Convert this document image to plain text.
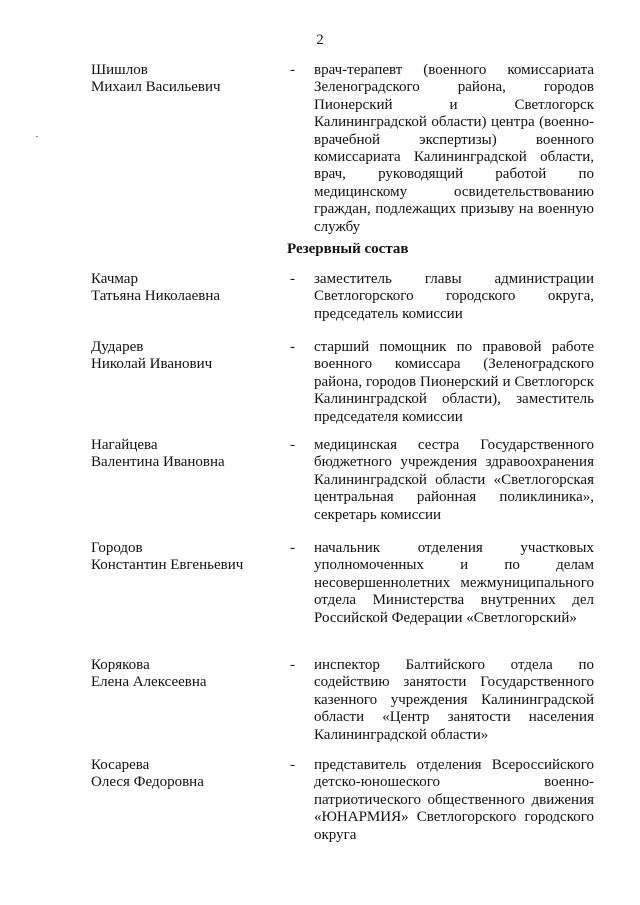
2
Шишлов
Михаил Васильевич
- врач-терапевт (военного комиссариата Зеленоградского района, городов Пионерский и Светлогорск Калининградской области) центра (военно-врачебной экспертизы) военного комиссариата Калининградской области, врач, руководящий работой по медицинскому освидетельствованию граждан, подлежащих призыву на военную службу
Резервный состав
Качмар
Татьяна Николаевна
- заместитель главы администрации Светлогорского городского округа, председатель комиссии
Дударев
Николай Иванович
- старший помощник по правовой работе военного комиссара (Зеленоградского района, городов Пионерский и Светлогорск Калининградской области), заместитель председателя комиссии
Нагайцева
Валентина Ивановна
- медицинская сестра Государственного бюджетного учреждения здравоохранения Калининградской области «Светлогорская центральная районная поликлиника», секретарь комиссии
Городов
Константин Евгеньевич
- начальник отделения участковых уполномоченных и по делам несовершеннолетних межмуниципального отдела Министерства внутренних дел Российской Федерации «Светлогорский»
Корякова
Елена Алексеевна
- инспектор Балтийского отдела по содействию занятости Государственного казенного учреждения Калининградской области «Центр занятости населения Калининградской области»
Косарева
Олеся Федоровна
- представитель отделения Всероссийского детско-юношеского военно-патриотического общественного движения «ЮНАРМИЯ» Светлогорского городского округа
